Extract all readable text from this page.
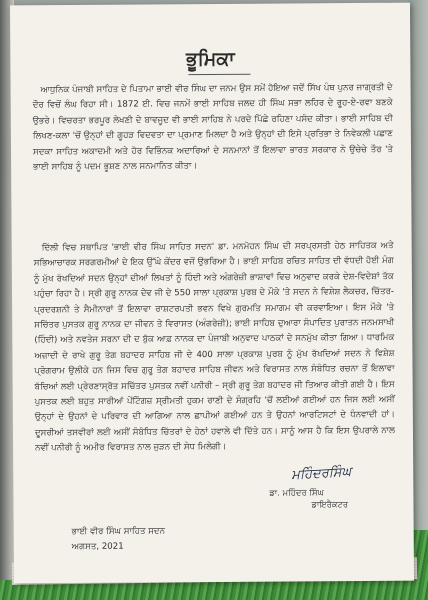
ਭੂਮਿਕਾ

ਆਧੁਨਿਕ ਪੰਜਾਬੀ ਸਾਹਿਤ ਦੇ ਪਿਤਾਮਾ ਭਾਈ ਵੀਰ ਸਿੰਘ ਦਾ ਜਨਮ ਉਸ ਸਮੇਂ ਹੋਇਆ ਜਦੋਂ ਸਿੱਖ ਪੰਥ ਪੁਨਰ ਜਾਗ੍ਰਤੀ ਦੇ ਦੌਰ ਵਿਚੋਂ ਲੰਘ ਰਿਹਾ ਸੀ। 1872 ਈ. ਵਿਚ ਜਨਮੇਂ ਭਾਈ ਸਾਹਿਬ ਜਲਦ ਹੀ ਸਿੰਘ ਸਭਾ ਲਹਿਰ ਦੇ ਰੂਹ-ਏ-ਰਵਾ ਬਣਕੇ ਉਭਰੇ। ਵਿਚਰਤਾ ਭਰਪੂਰ ਲੇਖਣੀ ਦੇ ਬਾਵਜੂਦ ਵੀ ਭਾਈ ਸਾਹਿਬ ਨੇ ਪਰਦੇ ਪਿੱਛੇ ਰਹਿਣਾ ਪਸੰਦ ਕੀਤਾ। ਭਾਈ ਸਾਹਿਬ ਦੀ ਲਿਖਣ-ਕਲਾ 'ਚੋਂ ਉਨ੍ਹਾਂ ਦੀ ਗੂਹੜ ਵਿਦਵਤਾ ਦਾ ਪ੍ਰਮਾਣ ਮਿਲਦਾ ਹੈ ਅਤੇ ਉਨ੍ਹਾਂ ਦੀ ਇਸੇ ਪ੍ਰਤਿਭਾ ਤੇ ਨਿਵੇਕਲੀ ਪਛਾਣ ਸਦਕਾ ਸਾਹਿਤ ਅਕਾਦਮੀ ਅਤੇ ਹੋਰ ਵਿਭਿੰਨਕ ਅਦਾਰਿਆਂ ਦੇ ਸਨਮਾਨਾਂ ਤੋਂ ਇਲਾਵਾ ਭਾਰਤ ਸਰਕਾਰ ਨੇ ਉਚੇਚੇ ਤੌਰ 'ਤੇ ਭਾਈ ਸਾਹਿਬ ਨੂੰ ਪਦਮ ਭੂਸ਼ਣ ਨਾਲ ਸਨਮਾਨਿਤ ਕੀਤਾ।

ਦਿੱਲੀ ਵਿਚ ਸਥਾਪਿਤ 'ਭਾਈ ਵੀਰ ਸਿੰਘ ਸਾਹਿਤ ਸਦਨ' ਡਾ. ਮਨਮੋਹਨ ਸਿੰਘ ਦੀ ਸਰਪ੍ਰਸਤੀ ਹੇਠ ਸਾਹਿਤਕ ਅਤੇ ਸਭਿਆਚਾਰਕ ਸਰਗਰਮੀਆਂ ਦੇ ਇਕ ਉੱਘੇ ਕੇਂਦਰ ਵਜੋਂ ਉਭਰਿਆ ਹੈ। ਭਾਈ ਸਾਹਿਬ ਰਚਿਤ ਸਾਹਿਤ ਦੀ ਵੱਧਦੀ ਹੋਈ ਮੰਗ ਨੂੰ ਮੁੱਖ ਰੱਖਦਿਆਂ ਸਦਨ ਉਨ੍ਹਾਂ ਦੀਆਂ ਲਿਖਤਾਂ ਨੂੰ ਹਿੰਦੀ ਅਤੇ ਅੰਗਰੇਜ਼ੀ ਭਾਸ਼ਾਵਾਂ ਵਿਚ ਅਨੁਵਾਦ ਕਰਕੇ ਦੇਸ਼-ਵਿਦੇਸ਼ਾਂ ਤੱਕ ਪਹੁੰਚਾ ਰਿਹਾ ਹੈ। ਸ੍ਰੀ ਗੁਰੂ ਨਾਨਕ ਦੇਵ ਜੀ ਦੇ 550 ਸਾਲਾ ਪ੍ਰਕਾਸ਼ ਪੁਰਬ ਦੇ ਮੌਕੇ 'ਤੇ ਸਦਨ ਨੇ ਵਿਸ਼ੇਸ਼ ਲੈਕਚਰ, ਚਿੱਤਰ-ਪ੍ਰਦਰਸ਼ਨੀ ਤੇ ਸੈਮੀਨਾਰਾਂ ਤੋਂ ਇਲਾਵਾ ਰਾਸ਼ਟਰਪਤੀ ਭਵਨ ਵਿਖੇ ਗੁਰਮਤਿ ਸਮਾਗਮ ਵੀ ਕਰਵਾਇਆ। ਇਸ ਮੌਕੇ 'ਤੇ ਸਚਿੱਤਰ ਪੁਸਤਕ ਗੁਰੂ ਨਾਨਕ ਦਾ ਜੀਵਨ ਤੇ ਵਿਰਾਸਤ (ਅੰਗਰੇਜ਼ੀ); ਭਾਈ ਸਾਹਿਬ ਦੁਆਰਾ ਸੰਪਾਦਿਤ ਪੁਰਾਤਨ ਜਨਮਸਾਖੀ (ਹਿੰਦੀ) ਅਤੇ ਨਵਤੇਜ ਸਰਨਾ ਦੀ ਦ ਬੁੱਕ ਆਫ਼ ਨਾਨਕ ਦਾ ਪੰਜਾਬੀ ਅਨੁਵਾਦ ਪਾਠਕਾਂ ਦੇ ਸਨਮੁੱਖ ਕੀਤਾ ਗਿਆ। ਧਾਰਮਿਕ ਅਜ਼ਾਦੀ ਦੇ ਰਾਖੇ ਗੁਰੂ ਤੇਗ ਬਹਾਦਰ ਸਾਹਿਬ ਜੀ ਦੇ 400 ਸਾਲਾ ਪ੍ਰਕਾਸ਼ ਪੁਰਬ ਨੂੰ ਮੁੱਖ ਰੱਖਦਿਆਂ ਸਦਨ ਨੇ ਵਿਸ਼ੇਸ਼ ਪ੍ਰੋਗਰਾਮ ਉਲੀਕੇ ਹਨ ਜਿਸ ਵਿਚ ਗੁਰੂ ਤੇਗ ਬਹਾਦਰ ਸਾਹਿਬ ਜੀਵਨ ਅਤੇ ਵਿਰਾਸਤ ਨਾਲ ਸੰਬੰਧਿਤ ਰਚਨਾ ਤੋਂ ਇਲਾਵਾ ਬੱਚਿਆਂ ਲਈ ਪ੍ਰੇਰਣਾਸ੍ਰੋਤ ਸਚਿੱਤਰ ਪੁਸਤਕ ਨਵੀਂ ਪਨੀਰੀ – ਸ੍ਰੀ ਗੁਰੂ ਤੇਗ ਬਹਾਦਰ ਜੀ ਤਿਆਰ ਕੀਤੀ ਗਈ ਹੈ। ਇਸ ਪੁਸਤਕ ਲਈ ਬਹੁਤ ਸਾਰੀਆਂ ਪੇਂਟਿੰਗਜ਼ ਸ੍ਰੀਮਤੀ ਹੁਕਮ ਰਾਣੀ ਦੇ ਸੰਗ੍ਰਹਿ 'ਚੋਂ ਲਈਆਂ ਗਈਆਂ ਹਨ ਜਿਸ ਲਈ ਅਸੀਂ ਉਨ੍ਹਾਂ ਦੇ ਉਹਨਾਂ ਦੇ ਪਰਿਵਾਰ ਦੀ ਆਗਿਆ ਨਾਲ ਛਾਪੀਆਂ ਗਈਆਂ ਹਨ ਤੇ ਉਹਨਾਂ ਆਰਟਿਸਟਾਂ ਦੇ ਧੰਨਵਾਦੀ ਹਾਂ। ਦੂਸਰੀਆਂ ਤਸਵੀਰਾਂ ਲਈ ਅਸੀਂ ਸੰਬੰਧਿਤ ਚਿੱਤਰਾਂ ਦੇ ਹੇਠਾਂ ਹਵਾਲੇ ਵੀ ਦਿੱਤੇ ਹਨ। ਸਾਨੂੰ ਆਸ ਹੈ ਕਿ ਇਸ ਉਪਰਾਲੇ ਨਾਲ ਨਵੀਂ ਪਨੀਰੀ ਨੂੰ ਅਮੀਰ ਵਿਰਾਸਤ ਨਾਲ ਜੁੜਨ ਦੀ ਸੇਧ ਮਿਲੇਗੀ।

ਮਹਿੰਦਰਸਿੰਘ
ਡਾ. ਮਹਿੰਦਰ ਸਿੰਘ
ਡਾਇਰੈਕਟਰ
ਭਾਈ ਵੀਰ ਸਿੰਘ ਸਾਹਿਤ ਸਦਨ
ਅਗਸਤ, 2021
